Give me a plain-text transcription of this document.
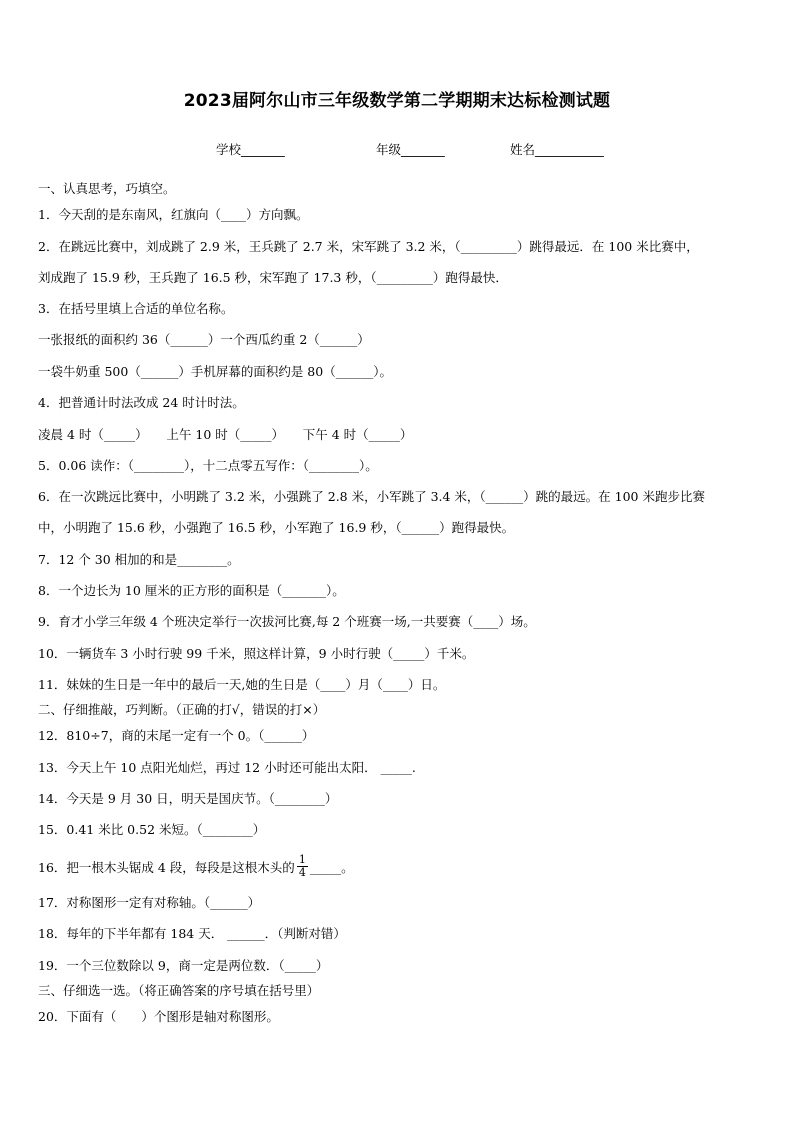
2023届阿尔山市三年级数学第二学期期末达标检测试题
学校_______	年级_______	姓名___________
一、认真思考，巧填空。
1．今天刮的是东南风，红旗向（____）方向飘。
2．在跳远比赛中，刘成跳了 2.9 米，王兵跳了 2.7 米，宋军跳了 3.2 米，（_________）跳得最远．在 100 米比赛中，
刘成跑了 15.9 秒，王兵跑了 16.5 秒，宋军跑了 17.3 秒，（_________）跑得最快．
3．在括号里填上合适的单位名称。
一张报纸的面积约 36（______）一个西瓜约重 2（______）
一袋牛奶重 500（______）手机屏幕的面积约是 80（______）。
4．把普通计时法改成 24 时计时法。
凌晨 4 时（_____）　　上午 10 时（_____）　　下午 4 时（_____）
5．0.06 读作：（________），十二点零五写作：（________）。
6．在一次跳远比赛中，小明跳了 3.2 米，小强跳了 2.8 米，小军跳了 3.4 米，（______）跳的最远。在 100 米跑步比赛
中，小明跑了 15.6 秒，小强跑了 16.5 秒，小军跑了 16.9 秒，（______）跑得最快。
7．12 个 30 相加的和是________。
8．一个边长为 10 厘米的正方形的面积是（_______）。
9．育才小学三年级 4 个班决定举行一次拔河比赛,每 2 个班赛一场,一共要赛（____）场。
10．一辆货车 3 小时行驶 99 千米，照这样计算，9 小时行驶（_____）千米。
11．妹妹的生日是一年中的最后一天,她的生日是（____）月（____）日。
二、仔细推敲，巧判断。（正确的打√，错误的打×）
12．810÷7，商的末尾一定有一个 0。（______）
13．今天上午 10 点阳光灿烂，再过 12 小时还可能出太阳． _____.
14．今天是 9 月 30 日，明天是国庆节。（________）
15．0.41 米比 0.52 米短。（________）
16．把一根木头锯成 4 段，每段是这根木头的 $\frac{1}{4}$ _____。
17．对称图形一定有对称轴。（______）
18．每年的下半年都有 184 天． ______．（判断对错）
19．一个三位数除以 9，商一定是两位数．（_____）
三、仔细选一选。（将正确答案的序号填在括号里）
20．下面有（　　）个图形是轴对称图形。
